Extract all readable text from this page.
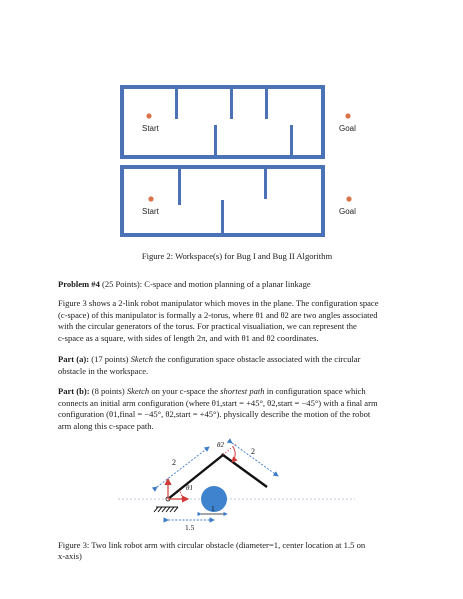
Start	Goal
Start	Goal
Figure 2: Workspace(s) for Bug I and Bug II Algorithm
Problem #4 (25 Points): C-space and motion planning of a planar linkage
Figure 3 shows a 2-link robot manipulator which moves in the plane. The configuration space
(c-space) of this manipulator is formally a 2-torus, where θ1 and θ2 are two angles associated
with the circular generators of the torus. For practical visualiation, we can represent the
c-space as a square, with sides of length 2π, and with θ1 and θ2 coordinates.
Part (a): (17 points) Sketch the configuration space obstacle associated with the circular
obstacle in the workspace.
Part (b): (8 points) Sketch on your c-space the shortest path in configuration space which
connects an initial arm configuration (where θ1,start = +45°, θ2,start = −45°) with a final arm
configuration (θ1,final = −45°, θ2,start = +45°). physically describe the motion of the robot
arm along this c-space path.
2
2
θ1
θ2
1
1.5
Figure 3: Two link robot arm with circular obstacle (diameter=1, center location at 1.5 on
x-axis)
